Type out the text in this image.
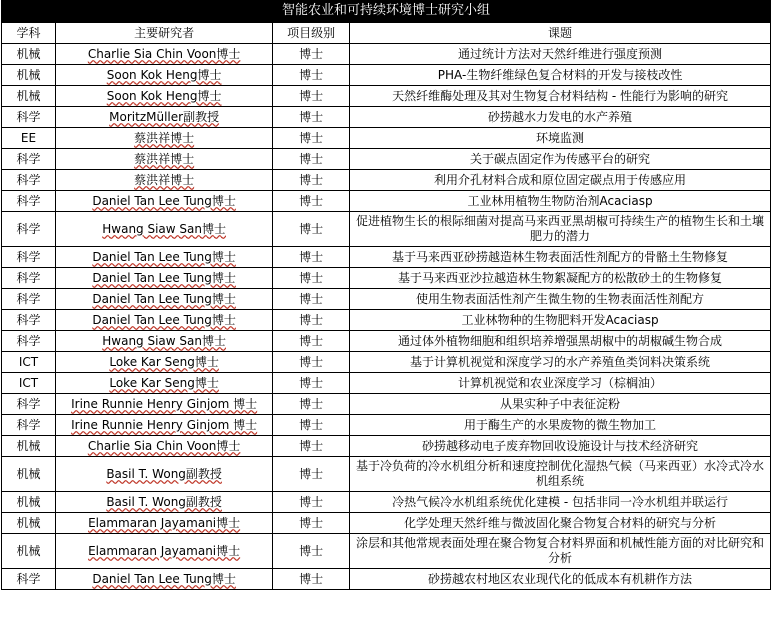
智能农业和可持续环境博士研究小组
学科	主要研究者	项目级别	课题
机械	Charlie Sia Chin Voon博士	博士	通过统计方法对天然纤维进行强度预测
机械	Soon Kok Heng博士	博士	PHA-生物纤维绿色复合材料的开发与接枝改性
机械	Soon Kok Heng博士	博士	天然纤维酶处理及其对生物复合材料结构 - 性能行为影响的研究
科学	MoritzMüller副教授	博士	砂捞越水力发电的水产养殖
EE	蔡洪祥博士	博士	环境监测
科学	蔡洪祥博士	博士	关于碳点固定作为传感平台的研究
科学	蔡洪祥博士	博士	利用介孔材料合成和原位固定碳点用于传感应用
科学	Daniel Tan Lee Tung博士	博士	工业林用植物生物防治剂Acaciasp
科学	Hwang Siaw San博士	博士	促进植物生长的根际细菌对提高马来西亚黑胡椒可持续生产的植物生长和土壤肥力的潜力
科学	Daniel Tan Lee Tung博士	博士	基于马来西亚砂捞越造林生物表面活性剂配方的骨骼土生物修复
科学	Daniel Tan Lee Tung博士	博士	基于马来西亚沙拉越造林生物絮凝配方的松散砂土的生物修复
科学	Daniel Tan Lee Tung博士	博士	使用生物表面活性剂产生微生物的生物表面活性剂配方
科学	Daniel Tan Lee Tung博士	博士	工业林物种的生物肥料开发Acaciasp
科学	Hwang Siaw San博士	博士	通过体外植物细胞和组织培养增强黑胡椒中的胡椒碱生物合成
ICT	Loke Kar Seng博士	博士	基于计算机视觉和深度学习的水产养殖鱼类饲料决策系统
ICT	Loke Kar Seng博士	博士	计算机视觉和农业深度学习（棕榈油）
科学	Irine Runnie Henry Ginjom 博士	博士	从果实种子中表征淀粉
科学	Irine Runnie Henry Ginjom 博士	博士	用于酶生产的水果废物的微生物加工
机械	Charlie Sia Chin Voon博士	博士	砂捞越移动电子废弃物回收设施设计与技术经济研究
机械	Basil T. Wong副教授	博士	基于冷负荷的冷水机组分析和速度控制优化湿热气候（马来西亚）水冷式冷水机组系统
机械	Basil T. Wong副教授	博士	冷热气候冷水机组系统优化建模 - 包括非同一冷水机组并联运行
机械	Elammaran Jayamani博士	博士	化学处理天然纤维与微波固化聚合物复合材料的研究与分析
机械	Elammaran Jayamani博士	博士	涂层和其他常规表面处理在聚合物复合材料界面和机械性能方面的对比研究和分析
科学	Daniel Tan Lee Tung博士	博士	砂捞越农村地区农业现代化的低成本有机耕作方法
